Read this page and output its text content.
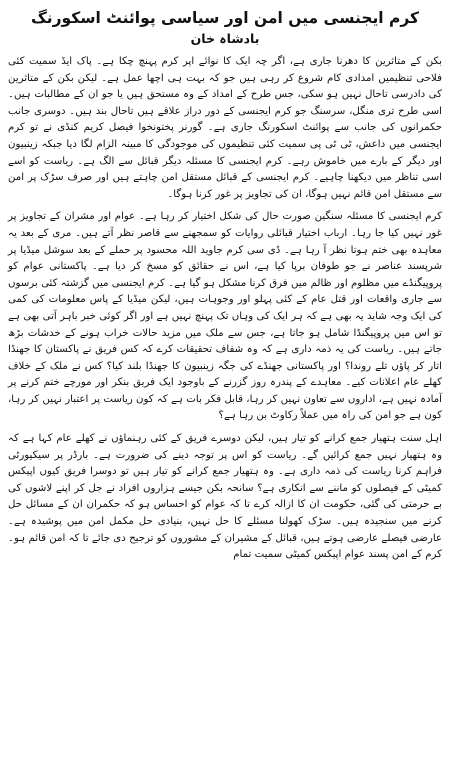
کرم ایجنسی میں امن اور سیاسی پوائنٹ اسکورنگ
بادشاہ خان

بکن کے متاثرین کا دھرنا جاری ہے، اگر چہ ایک کا نوائے اپر کرم پہنچ چکا ہے۔ پاک ایڈ سمیت کئی فلاحی تنظیمیں امدادی کام شروع کر رہی ہیں جو کہ بہت ہی اچھا عمل ہے۔ لیکن بکن کے متاثرین کی دادرسی تاحال نہیں ہو سکی، جس طرح کے امداد کے وہ مستحق ہیں یا جو ان کے مطالبات ہیں۔ اسی طرح تری منگل، سرسنگ جو کرم ایجنسی کے دور دراز علاقے ہیں تاحال بند ہیں۔ دوسری جانب حکمرانوں کی جانب سے پوائنٹ اسکورنگ جاری ہے۔ گورنر پختونخوا فیصل کریم کنڈی نے تو کرم ایجنسی میں داعش، ٹی ٹی پی سمیت کئی تنظیموں کی موجودگی کا مبینہ الزام لگا دیا جبکہ زینبیون اور دیگر کے بارے میں خاموش رہے۔ کرم ایجنسی کا مسئلہ دیگر قبائل سے الگ ہے۔ ریاست کو اسے اسی تناظر میں دیکھنا چاہیے۔ کرم ایجنسی کے قبائل مستقل امن چاہتے ہیں اور صرف سڑک پر امن سے مستقل امن قائم نہیں ہوگا، ان کی تجاویز پر غور کرنا ہوگا۔

کرم ایجنسی کا مسئلہ سنگین صورت حال کی شکل اختیار کر رہا ہے۔ عوام اور مشران کے تجاویز پر غور نہیں کیا جا رہا۔ ارباب اختیار قبائلی روایات کو سمجھنے سے قاصر نظر آتے ہیں۔ مری کے بعد یہ معاہدہ بھی ختم ہوتا نظر آ رہا ہے۔ ڈی سی کرم جاوید اللہ محسود پر حملے کے بعد سوشل میڈیا پر شرپسند عناصر نے جو طوفان برپا کیا ہے، اس نے حقائق کو مسخ کر دیا ہے۔ پاکستانی عوام کو پروپیگنڈے میں مظلوم اور ظالم میں فرق کرنا مشکل ہو گیا ہے۔ کرم ایجنسی میں گزشتہ کئی برسوں سے جاری واقعات اور قتل عام کے کئی پہلو اور وجوہات ہیں، لیکن میڈیا کے پاس معلومات کی کمی کی ایک وجہ شاید یہ بھی ہے کہ ہر ایک کی وہاں تک پہنچ نہیں ہے اور اگر کوئی خبر باہر آتی بھی ہے تو اس میں پروپیگنڈا شامل ہو جاتا ہے، جس سے ملک میں مزید حالات خراب ہونے کے خدشات بڑھ جاتے ہیں۔ ریاست کی یہ ذمہ داری ہے کہ وہ شفاف تحقیقات کرے کہ کس فریق نے پاکستان کا جھنڈا اتار کر پاؤں تلے روندا؟ اور پاکستانی جھنڈے کی جگہ زینبیون کا جھنڈا بلند کیا؟ کس نے ملک کے خلاف کھلے عام اعلانات کیے۔ معاہدے کے پندرہ روز گزرنے کے باوجود ایک فریق بنکر اور مورچے ختم کرنے پر آمادہ نہیں ہے، اداروں سے تعاون نہیں کر رہا، قابل فکر بات ہے کہ کون ریاست پر اعتبار نہیں کر رہا، کون ہے جو امن کی راہ میں عملاً رکاوٹ بن رہا ہے؟

اہل سنت ہتھیار جمع کرانے کو تیار ہیں، لیکن دوسرے فریق کے کئی رہنماؤں نے کھلے عام کہا ہے کہ وہ ہتھیار نہیں جمع کرائیں گے۔ ریاست کو اس پر توجہ دینے کی ضرورت ہے۔ بارڈر پر سیکیورٹی فراہم کرنا ریاست کی ذمہ داری ہے۔ وہ ہتھیار جمع کرانے کو تیار ہیں تو دوسرا فریق کیوں اپیکس کمیٹی کے فیصلوں کو ماننے سے انکاری ہے؟ سانحہ بکن جیسے ہزاروں افراد نے جل کر اپنے لاشوں کی بے حرمتی کی گئی، حکومت ان کا ازالہ کرے تا کہ عوام کو احساس ہو کہ حکمران ان کے مسائل حل کرنے میں سنجیدہ ہیں۔ سڑک کھولنا مسئلے کا حل نہیں، بنیادی حل مکمل امن میں پوشیدہ ہے۔ عارضی فیصلے عارضی ہوتے ہیں، قبائل کے مشیران کے مشوروں کو ترجیح دی جائے تا کہ امن قائم ہو۔ کرم کے امن پسند عوام اپیکس کمیٹی سمیت تمام
